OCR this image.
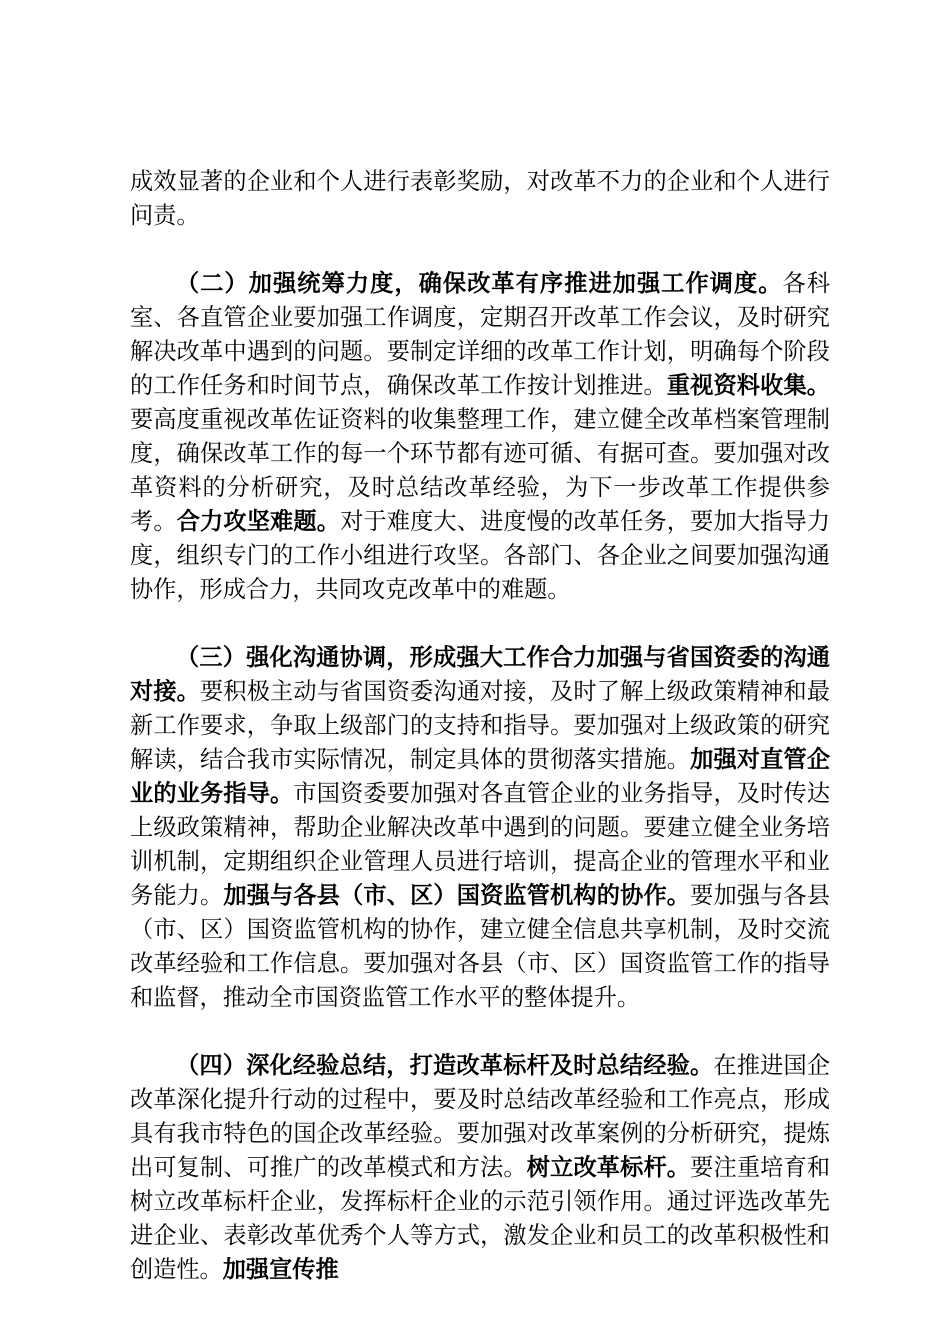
成效显著的企业和个人进行表彰奖励，对改革不力的企业和个人进行问责。

（二）加强统筹力度，确保改革有序推进加强工作调度。各科室、各直管企业要加强工作调度，定期召开改革工作会议，及时研究解决改革中遇到的问题。要制定详细的改革工作计划，明确每个阶段的工作任务和时间节点，确保改革工作按计划推进。重视资料收集。要高度重视改革佐证资料的收集整理工作，建立健全改革档案管理制度，确保改革工作的每一个环节都有迹可循、有据可查。要加强对改革资料的分析研究，及时总结改革经验，为下一步改革工作提供参考。合力攻坚难题。对于难度大、进度慢的改革任务，要加大指导力度，组织专门的工作小组进行攻坚。各部门、各企业之间要加强沟通协作，形成合力，共同攻克改革中的难题。

（三）强化沟通协调，形成强大工作合力加强与省国资委的沟通对接。要积极主动与省国资委沟通对接，及时了解上级政策精神和最新工作要求，争取上级部门的支持和指导。要加强对上级政策的研究解读，结合我市实际情况，制定具体的贯彻落实措施。加强对直管企业的业务指导。市国资委要加强对各直管企业的业务指导，及时传达上级政策精神，帮助企业解决改革中遇到的问题。要建立健全业务培训机制，定期组织企业管理人员进行培训，提高企业的管理水平和业务能力。加强与各县（市、区）国资监管机构的协作。要加强与各县（市、区）国资监管机构的协作，建立健全信息共享机制，及时交流改革经验和工作信息。要加强对各县（市、区）国资监管工作的指导和监督，推动全市国资监管工作水平的整体提升。

（四）深化经验总结，打造改革标杆及时总结经验。在推进国企改革深化提升行动的过程中，要及时总结改革经验和工作亮点，形成具有我市特色的国企改革经验。要加强对改革案例的分析研究，提炼出可复制、可推广的改革模式和方法。树立改革标杆。要注重培育和树立改革标杆企业，发挥标杆企业的示范引领作用。通过评选改革先进企业、表彰改革优秀个人等方式，激发企业和员工的改革积极性和创造性。加强宣传推
